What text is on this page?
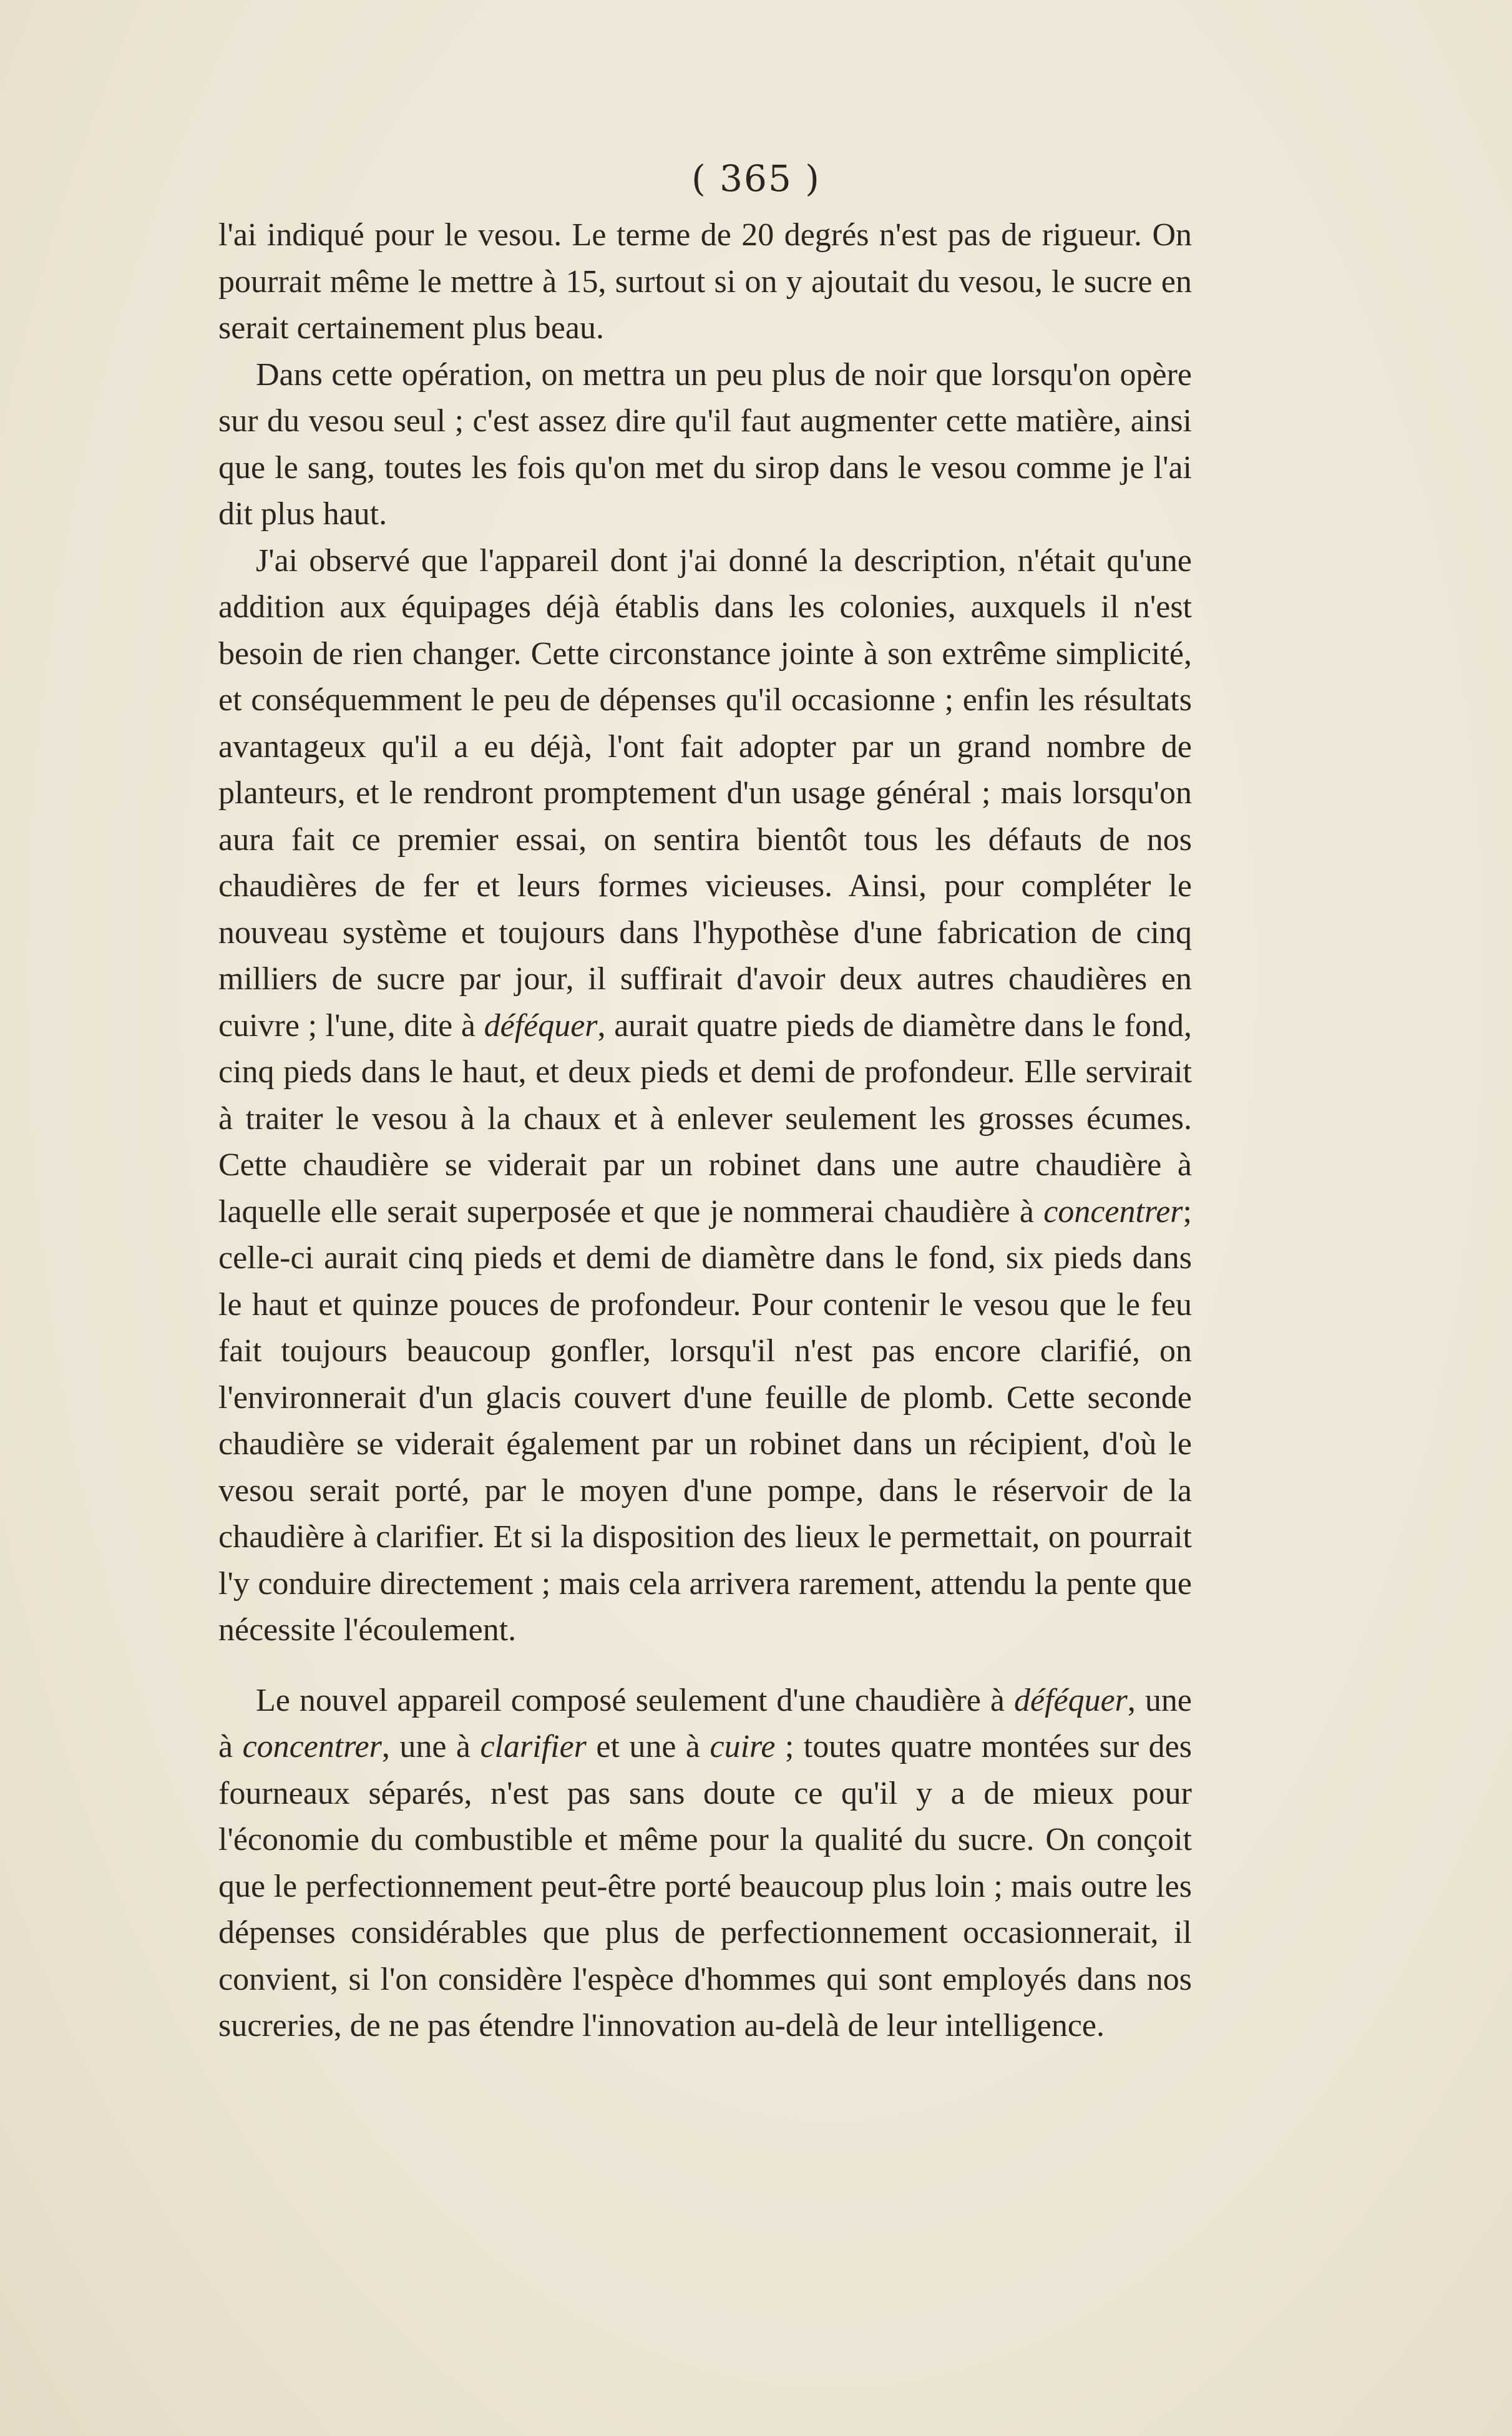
( 365 )

l'ai indiqué pour le vesou. Le terme de 20 degrés n'est pas de rigueur. On pourrait même le mettre à 15, surtout si on y ajoutait du vesou, le sucre en serait certainement plus beau.

Dans cette opération, on mettra un peu plus de noir que lorsqu'on opère sur du vesou seul ; c'est assez dire qu'il faut augmenter cette matière, ainsi que le sang, toutes les fois qu'on met du sirop dans le vesou comme je l'ai dit plus haut.

J'ai observé que l'appareil dont j'ai donné la description, n'était qu'une addition aux équipages déjà établis dans les colonies, auxquels il n'est besoin de rien changer. Cette circonstance jointe à son extrême simplicité, et conséquemment le peu de dépenses qu'il occasionne ; enfin les résultats avantageux qu'il a eu déjà, l'ont fait adopter par un grand nombre de planteurs, et le rendront promptement d'un usage général ; mais lorsqu'on aura fait ce premier essai, on sentira bientôt tous les défauts de nos chaudières de fer et leurs formes vicieuses. Ainsi, pour compléter le nouveau système et toujours dans l'hypothèse d'une fabrication de cinq milliers de sucre par jour, il suffirait d'avoir deux autres chaudières en cuivre ; l'une, dite à déféquer, aurait quatre pieds de diamètre dans le fond, cinq pieds dans le haut, et deux pieds et demi de profondeur. Elle servirait à traiter le vesou à la chaux et à enlever seulement les grosses écumes. Cette chaudière se viderait par un robinet dans une autre chaudière à laquelle elle serait superposée et que je nommerai chaudière à concentrer; celle-ci aurait cinq pieds et demi de diamètre dans le fond, six pieds dans le haut et quinze pouces de profondeur. Pour contenir le vesou que le feu fait toujours beaucoup gonfler, lorsqu'il n'est pas encore clarifié, on l'environnerait d'un glacis couvert d'une feuille de plomb. Cette seconde chaudière se viderait également par un robinet dans un récipient, d'où le vesou serait porté, par le moyen d'une pompe, dans le réservoir de la chaudière à clarifier. Et si la disposition des lieux le permettait, on pourrait l'y conduire directement ; mais cela arrivera rarement, attendu la pente que nécessite l'écoulement.

Le nouvel appareil composé seulement d'une chaudière à déféquer, une à concentrer, une à clarifier et une à cuire ; toutes quatre montées sur des fourneaux séparés, n'est pas sans doute ce qu'il y a de mieux pour l'économie du combustible et même pour la qualité du sucre. On conçoit que le perfectionnement peut-être porté beaucoup plus loin ; mais outre les dépenses considérables que plus de perfectionnement occasionnerait, il convient, si l'on considère l'espèce d'hommes qui sont employés dans nos sucreries, de ne pas étendre l'innovation au-delà de leur intelligence.
